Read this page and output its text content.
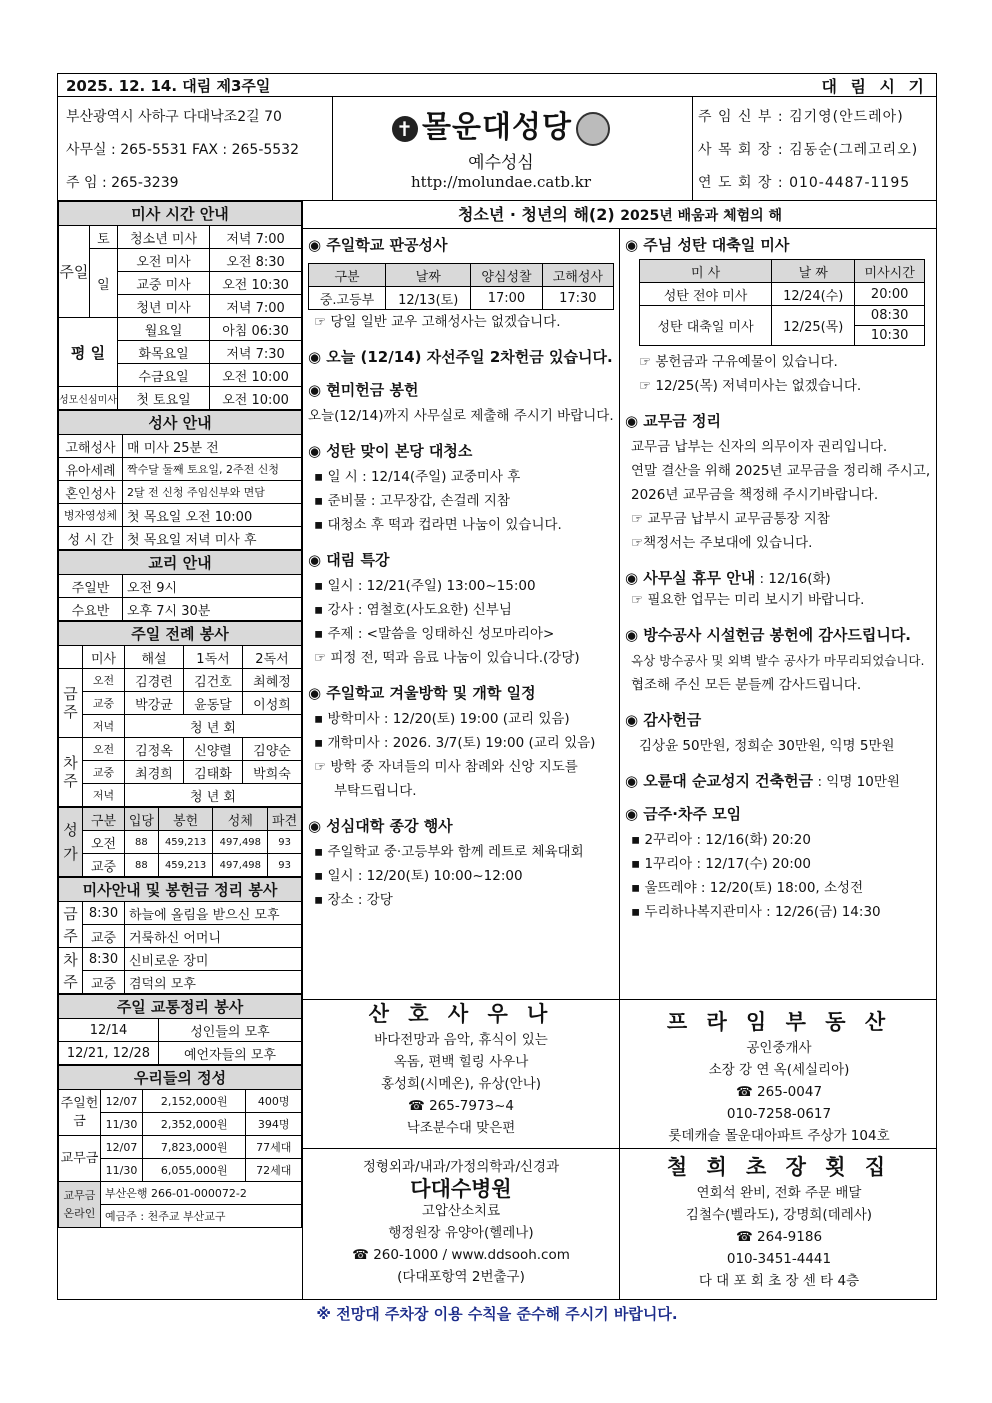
2025. 12. 14. 대림 제3주일	대 림 시 기
부산광역시 사하구 다대낙조2길 70
사무실 : 265-5531 FAX : 265-5532
주 임 : 265-3239
✝ 몰운대성당
예수성심
http://molundae.catb.kr
주 임 신 부 : 김기영(안드레아)
사 목 회 장 : 김동순(그레고리오)
연 도 회 장 : 010-4487-1195
청소년 · 청년의 해(2) 2025년 배움과 체험의 해
미사 시간 안내			
주일	토	청소년 미사	저녁 7:00
	일	오전 미사	오전 8:30
		교중 미사	오전 10:30
		청년 미사	저녁 7:00
평 일		월요일	아침 06:30
		화목요일	저녁 7:30
		수금요일	오전 10:00
성모신심미사		첫 토요일	오전 10:00
성사 안내	
고해성사	매 미사 25분 전
유아세례	짝수달 둘째 토요일, 2주전 신청
혼인성사	2달 전 신청 주임신부와 면담
병자영성체	첫 목요일 오전 10:00
성 시 간	첫 목요일 저녁 미사 후
교리 안내	
주일반	오전 9시
수요반	오후 7시 30분
주일 전례 봉사				
	미사	해설	1독서	2독서
금주	오전	김경련	김건호	최혜정
	교중	박강균	윤동달	이성희
	저녁	청 년 회		
차주	오전	김정옥	신양렬	김양순
	교중	최경희	김태화	박희숙
	저녁	청 년 회		
성가	구분	입당	봉헌	성체	파견
	오전	88	459,213	497,498	93
	교중	88	459,213	497,498	93
미사안내 및 봉헌금 정리 봉사		
금주	8:30	하늘에 올림을 받으신 모후
	교중	거룩하신 어머니
차주	8:30	신비로운 장미
	교중	겸덕의 모후
주일 교통정리 봉사	
12/14	성인들의 모후
12/21, 12/28	예언자들의 모후
우리들의 정성			
주일헌금	12/07	2,152,000원	400명
	11/30	2,352,000원	394명
교무금	12/07	7,823,000원	77세대
	11/30	6,055,000원	72세대
교무금 온라인	부산은행 266-01-000072-2		
	예금주 : 천주교 부산교구		
◉ 주일학교 판공성사
구분	날짜	양심성찰	고해성사
중.고등부	12/13(토)	17:00	17:30
☞ 당일 일반 교우 고해성사는 없겠습니다.
◉ 오늘 (12/14) 자선주일 2차헌금 있습니다.
◉ 현미헌금 봉헌
오늘(12/14)까지 사무실로 제출해 주시기 바랍니다.
◉ 성탄 맞이 본당 대청소
▪ 일 시 : 12/14(주일) 교중미사 후
▪ 준비물 : 고무장갑, 손걸레 지참
▪ 대청소 후 떡과 컵라면 나눔이 있습니다.
◉ 대림 특강
▪ 일시 : 12/21(주일) 13:00~15:00
▪ 강사 : 염철호(사도요한) 신부님
▪ 주제 : <말씀을 잉태하신 성모마리아>
☞ 피정 전, 떡과 음료 나눔이 있습니다.(강당)
◉ 주일학교 겨울방학 및 개학 일정
▪ 방학미사 : 12/20(토) 19:00 (교리 있음)
▪ 개학미사 : 2026. 3/7(토) 19:00 (교리 있음)
☞ 방학 중 자녀들의 미사 참례와 신앙 지도를
부탁드립니다.
◉ 성심대학 종강 행사
▪ 주일학교 중·고등부와 함께 레트로 체육대회
▪ 일시 : 12/20(토) 10:00~12:00
▪ 장소 : 강당
◉ 주님 성탄 대축일 미사
미 사	날 짜	미사시간
성탄 전야 미사	12/24(수)	20:00
성탄 대축일 미사	12/25(목)	08:30
		10:30
☞ 봉헌금과 구유예물이 있습니다.
☞ 12/25(목) 저녁미사는 없겠습니다.
◉ 교무금 정리
교무금 납부는 신자의 의무이자 권리입니다.
연말 결산을 위해 2025년 교무금을 정리해 주시고,
2026년 교무금을 책정해 주시기바랍니다.
☞ 교무금 납부시 교무금통장 지참
☞책정서는 주보대에 있습니다.
◉ 사무실 휴무 안내 : 12/16(화)
☞ 필요한 업무는 미리 보시기 바랍니다.
◉ 방수공사 시설헌금 봉헌에 감사드립니다.
옥상 방수공사 및 외벽 발수 공사가 마무리되었습니다.
협조해 주신 모든 분들께 감사드립니다.
◉ 감사헌금
김상윤 50만원, 정희순 30만원, 익명 5만원
◉ 오륜대 순교성지 건축헌금 : 익명 10만원
◉ 금주·차주 모임
▪ 2꾸리아 : 12/16(화) 20:20
▪ 1꾸리아 : 12/17(수) 20:00
▪ 울뜨레야 : 12/20(토) 18:00, 소성전
▪ 두리하나복지관미사 : 12/26(금) 14:30
산 호 사 우 나
바다전망과 음악, 휴식이 있는
옥돔, 편백 힐링 사우나
홍성희(시메온), 유상(안나)
☎ 265-7973~4
낙조분수대 맞은편
프 라 임 부 동 산
공인중개사
소장 강 연 옥(세실리아)
☎ 265-0047
010-7258-0617
롯데캐슬 몰운대아파트 주상가 104호
정형외과/내과/가정의학과/신경과
다대수병원
고압산소치료
행정원장 유양아(헬레나)
☎ 260-1000 / www.ddsooh.com
(다대포항역 2번출구)
철 희 초 장 횟 집
연회석 완비, 전화 주문 배달
김철수(벨라도), 강명희(데레사)
☎ 264-9186
010-3451-4441
다 대 포 회 초 장 센 타 4층
※ 전망대 주차장 이용 수칙을 준수해 주시기 바랍니다.
